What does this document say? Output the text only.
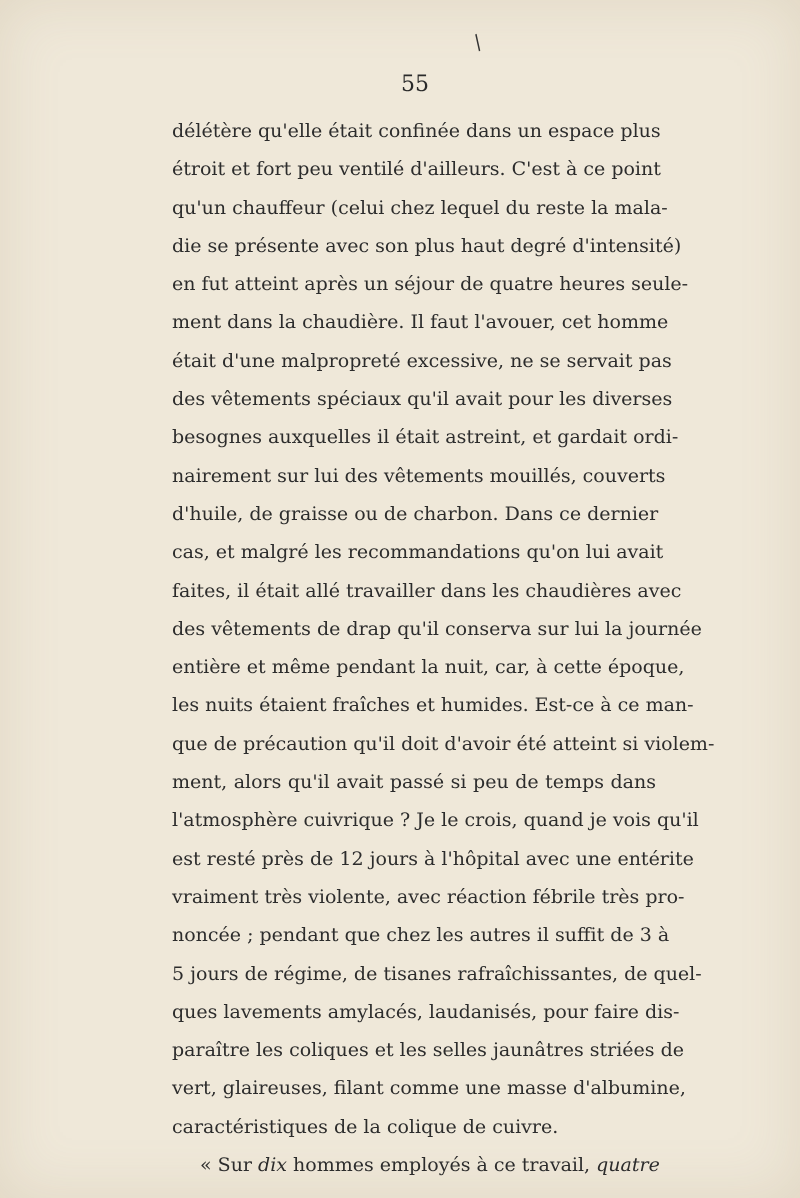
/
55
délétère qu'elle était confinée dans un espace plus
étroit et fort peu ventilé d'ailleurs. C'est à ce point
qu'un chauffeur (celui chez lequel du reste la mala-
die se présente avec son plus haut degré d'intensité)
en fut atteint après un séjour de quatre heures seule-
ment dans la chaudière. Il faut l'avouer, cet homme
était d'une malpropreté excessive, ne se servait pas
des vêtements spéciaux qu'il avait pour les diverses
besognes auxquelles il était astreint, et gardait ordi-
nairement sur lui des vêtements mouillés, couverts
d'huile, de graisse ou de charbon. Dans ce dernier
cas, et malgré les recommandations qu'on lui avait
faites, il était allé travailler dans les chaudières avec
des vêtements de drap qu'il conserva sur lui la journée
entière et même pendant la nuit, car, à cette époque,
les nuits étaient fraîches et humides. Est-ce à ce man-
que de précaution qu'il doit d'avoir été atteint si violem-
ment, alors qu'il avait passé si peu de temps dans
l'atmosphère cuivrique ? Je le crois, quand je vois qu'il
est resté près de 12 jours à l'hôpital avec une entérite
vraiment très violente, avec réaction fébrile très pro-
noncée ; pendant que chez les autres il suffit de 3 à
5 jours de régime, de tisanes rafraîchissantes, de quel-
ques lavements amylacés, laudanisés, pour faire dis-
paraître les coliques et les selles jaunâtres striées de
vert, glaireuses, filant comme une masse d'albumine,
caractéristiques de la colique de cuivre.
« Sur dix hommes employés à ce travail, quatre
